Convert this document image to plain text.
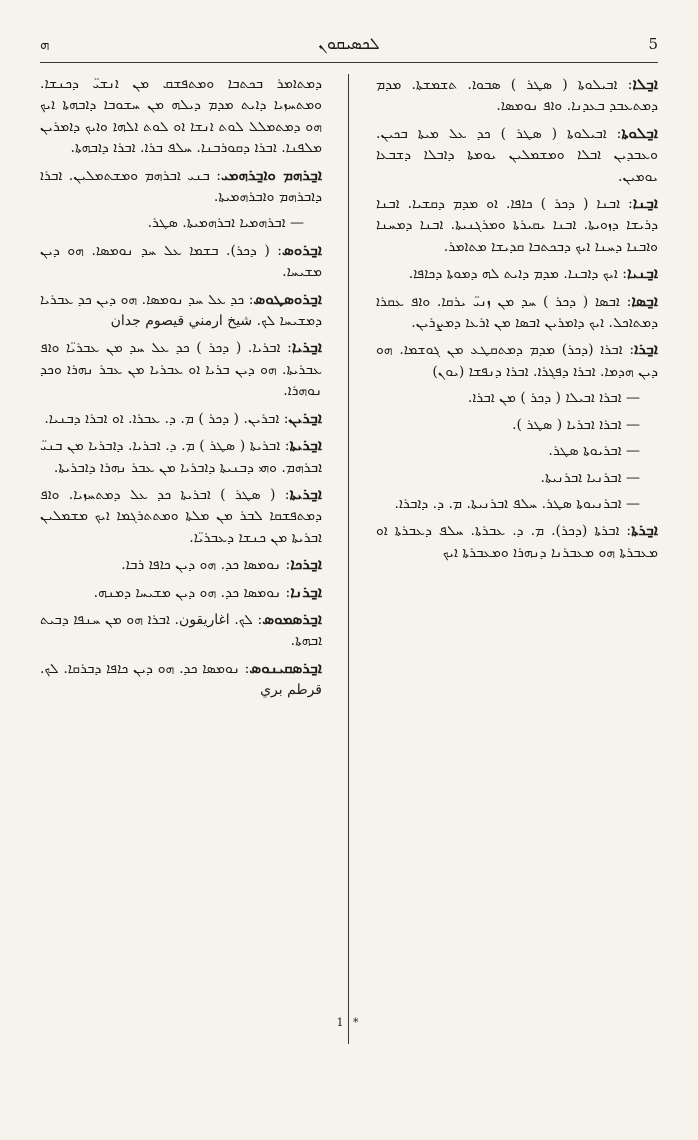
ܗ	ܠܟܣܝܩܘܢ	5

ܐ̱ܒܠܐ: ܐܒܝܠܘܬܐ ( ܣܛܪ ) ܣܒܘܐ. ܬܫܡܫܬܐ. ܡܕܡ ܕܡܬܥܒܕ ܒܥܕܢܐ. ܘܐܦ ܢܘܡܣܐ.

ܐ̱ܒܠܘܬܐ: ܐܒܝܠܘܬܐ ( ܣܛܪ ) ܟܕ ܥܠ ܡܝܬܐ ܒܟܝܢ. ܘܥܒܕܝܢ ܐܒܠܐ ܘܡܫܡܠܝܢ ܝܘܡܬܐ ܕܐܒܠܐ ܕܫܒܥܐ ܝܘܡܝܢ.

ܐ̱ܒܢܐ: ܐܒܢܐ ( ܕܟܪ ) ܟܐܦܐ. ܐܘ ܡܕܡ ܕܩܫܝܐ. ܐܒܢܐ ܕܪܝܫܐ ܕܙܘܝܬܐ. ܐܒܢܐ ܝܩܝܪܬܐ ܘܡܪܓܢܝܬܐ. ܐܒܢܐ ܕܡܚܢܐ ܘܐܒܢܐ ܕܚܢܐ ܐܝܟ ܕܒܟܬܒܐ ܩܕܝܫܐ ܡܬܐܡܪ.

ܐ̱ܒܢܝܐ: ܐܝܟ ܕܐܒܢܐ. ܡܕܡ ܕܐܝܬ ܠܗ ܕܡܘܬܐ ܕܟܐܦܐ.

ܐ̱ܒܣܐ: ܐܒܣܐ ( ܕܟܪ ) ܚܕ ܡܢ ܙܢܝ̈ ܝܪܩܐ. ܘܐܦ ܥܩܪܐ ܕܡܬܐܟܠ. ܐܝܟ ܕܐܡܪܝܢ ܐܒܣܐ ܡܢ ܐܪܥܐ ܕܡܨܪܝܢ.

ܐ̱ܒܪܐ: ܐܒܪܐ (ܕܟܪ) ܡܕܡ ܕܡܬܩܛܥ ܡܢ ܓܘܫܡܐ. ܗܘ ܕܝܢ ܗܕܡܐ. ܐܒܪܐ ܕܦܓܪܐ. ܐܒܪܐ ܕܢܦܫܐ (ܝܘܢ)

— ܐܒܪܐ ܐܒܝܠܐ ( ܕܟܪ ) ܡܢ ܐܒܪܐ.

— ܐܒܪܐ ܐܒܪܝܐ ( ܣܛܪ ).

— ܐܒܪܝܘܬܐ ܣܛܪ.

— ܐܒܪܢܝܐ ܐܒܪܢܝܬܐ.

— ܐܒܪܢܝܘܬܐ ܣܛܪ. ܚܠܦ ܐܒܪܢܝܬܐ. ܡ. ܕ. ܕܐܒܪܐ.

ܐ̱ܒܪܬܐ: ܐܒܪܬܐ (ܕܟܪ). ܡ. ܕ. ܥܒܪܬܐ. ܚܠܦ ܕܥܒܪܬܐ ܐܘ ܡܥܒܪܬܐ ܗܘ ܡܥܒܪܢܐ ܕܢܗܪܐ ܘܡܥܒܪܬܐ ܐܝܟ

ܕܡܬܐܡܪ ܒܟܬܒܐ ܘܡܬܦܫܩ ܡܢ ܐܢܫܝ̈ ܕܟܢܫܐ. ܘܡܬܚܙܝܐ ܕܐܝܬ ܡܕܡ ܕܝܠܗ ܡܢ ܚܫܘܒܐ ܕܐܒܗܬܐ ܐܝܟ ܗܘ ܕܡܬܡܠܠ ܠܘܬ ܐܢܫܐ ܐܘ ܠܘܬ ܐܠܗܐ ܘܐܝܟ ܕܐܡܪܝܢ ܡܠܦܢܐ. ܐܒܪܐ ܕܩܘܪܒܢܐ. ܚܠܦ ܒܪܐ. ܐܒܪܐ ܕܐܒܗܬܐ.

ܐ̱ܒܪܗܡ ܘܐ̱ܒܪܗܡܝ: ܒܢܝ ܐܒܪܗܡ ܘܡܫܬܡܠܝܢ. ܐܒܪܐ ܕܐܒܪܗܡ ܘܐܒܪܗܡܝܬܐ.

— ܐܒܪܗܡܝܐ ܐܒܪܗܡܝܬܐ. ܣܛܪ.

ܐ̱ܒܪܘܣ: ( ܕܟܪ). ܒܫܡܐ ܥܠ ܚܕ ܢܘܡܣܐ. ܗܘ ܕܝܢ ܡܫܝܚܐ.

ܐ̱ܒܪܘܣܛܘܣ: ܟܕ ܥܠ ܚܕ ܢܘܡܣܐ. ܗܘ ܕܝܢ ܟܕ ܥܒܪܝܐ ܕܡܫܝܚܐ ܠܟ. شيخ ارمني قيصوم جدان

ܐ̱ܒܪܝܐ: ܐܒܪܝܐ. ( ܕܟܪ ) ܟܕ ܥܠ ܚܕ ܡܢ ܥܒܪܝ̈ܐ ܘܐܦ ܥܒܪܝܬܐ. ܗܘ ܕܝܢ ܒܪܝܐ ܐܘ ܥܒܪܝܐ ܡܢ ܥܒܪ ܢܗܪܐ ܘܟܕ ܢܘܗܪܐ.

ܐ̱ܒܪܝܢ: ܐܒܪܝܢ. ( ܕܟܪ ) ܡ. ܕ. ܥܒܪܐ. ܐܘ ܐܒܪܐ ܕܒܢܝܐ.

ܐ̱ܒܪܝܬܐ: ܐܒܪܝܬܐ ( ܣܛܪ ) ܡ. ܕ. ܐܒܪܝܐ. ܕܐܒܪܝܐ ܡܢ ܒܢܝ̈ ܐܒܪܗܡ. ܘܗܝ ܕܒܢܝܬܐ ܕܐܒܪܝܐ ܡܢ ܥܒܪ ܢܗܪܐ ܕܐܒܪܝܬܐ.

ܐ̱ܒܪܝܬܐ: ( ܣܛܪ ) ܐܒܪܝܬܐ ܟܕ ܥܠ ܕܡܬܚܙܝܐ. ܘܐܦ ܕܡܬܦܫܩܐ ܠܒܪ ܡܢ ܡܠܬܐ ܘܡܬܬܪܓܡܐ ܐܝܟ ܡܫܡܠܝܢ ܐܒܪܝܬܐ ܡܢ ܟܢܫܐ ܕܥܒܪܝ̈ܐ.

ܐ̱ܒܪܟܐ: ܢܘܡܣܐ ܟܕ. ܗܘ ܕܝܢ ܟܐܦܐ ܪܒܐ.

ܐ̱ܒܪܢܐ: ܢܘܡܣܐ ܟܕ. ܗܘ ܕܝܢ ܡܫܝܚܐ ܕܡܢܗ.

ܐ̱ܒܪܣܡܘܣ: ܠܟ. اغاريقون. ܐܒܪܐ ܗܘ ܡܢ ܚܢܦܐ ܕܒܝܬ ܐܒܗܬܐ.

ܐ̱ܒܪܣܩܝܢܘܣ: ܢܘܡܣܐ ܟܕ. ܗܘ ܕܝܢ ܟܐܦܐ ܕܒܪܩܐ. ܠܟ. قرطم بري

1 *
